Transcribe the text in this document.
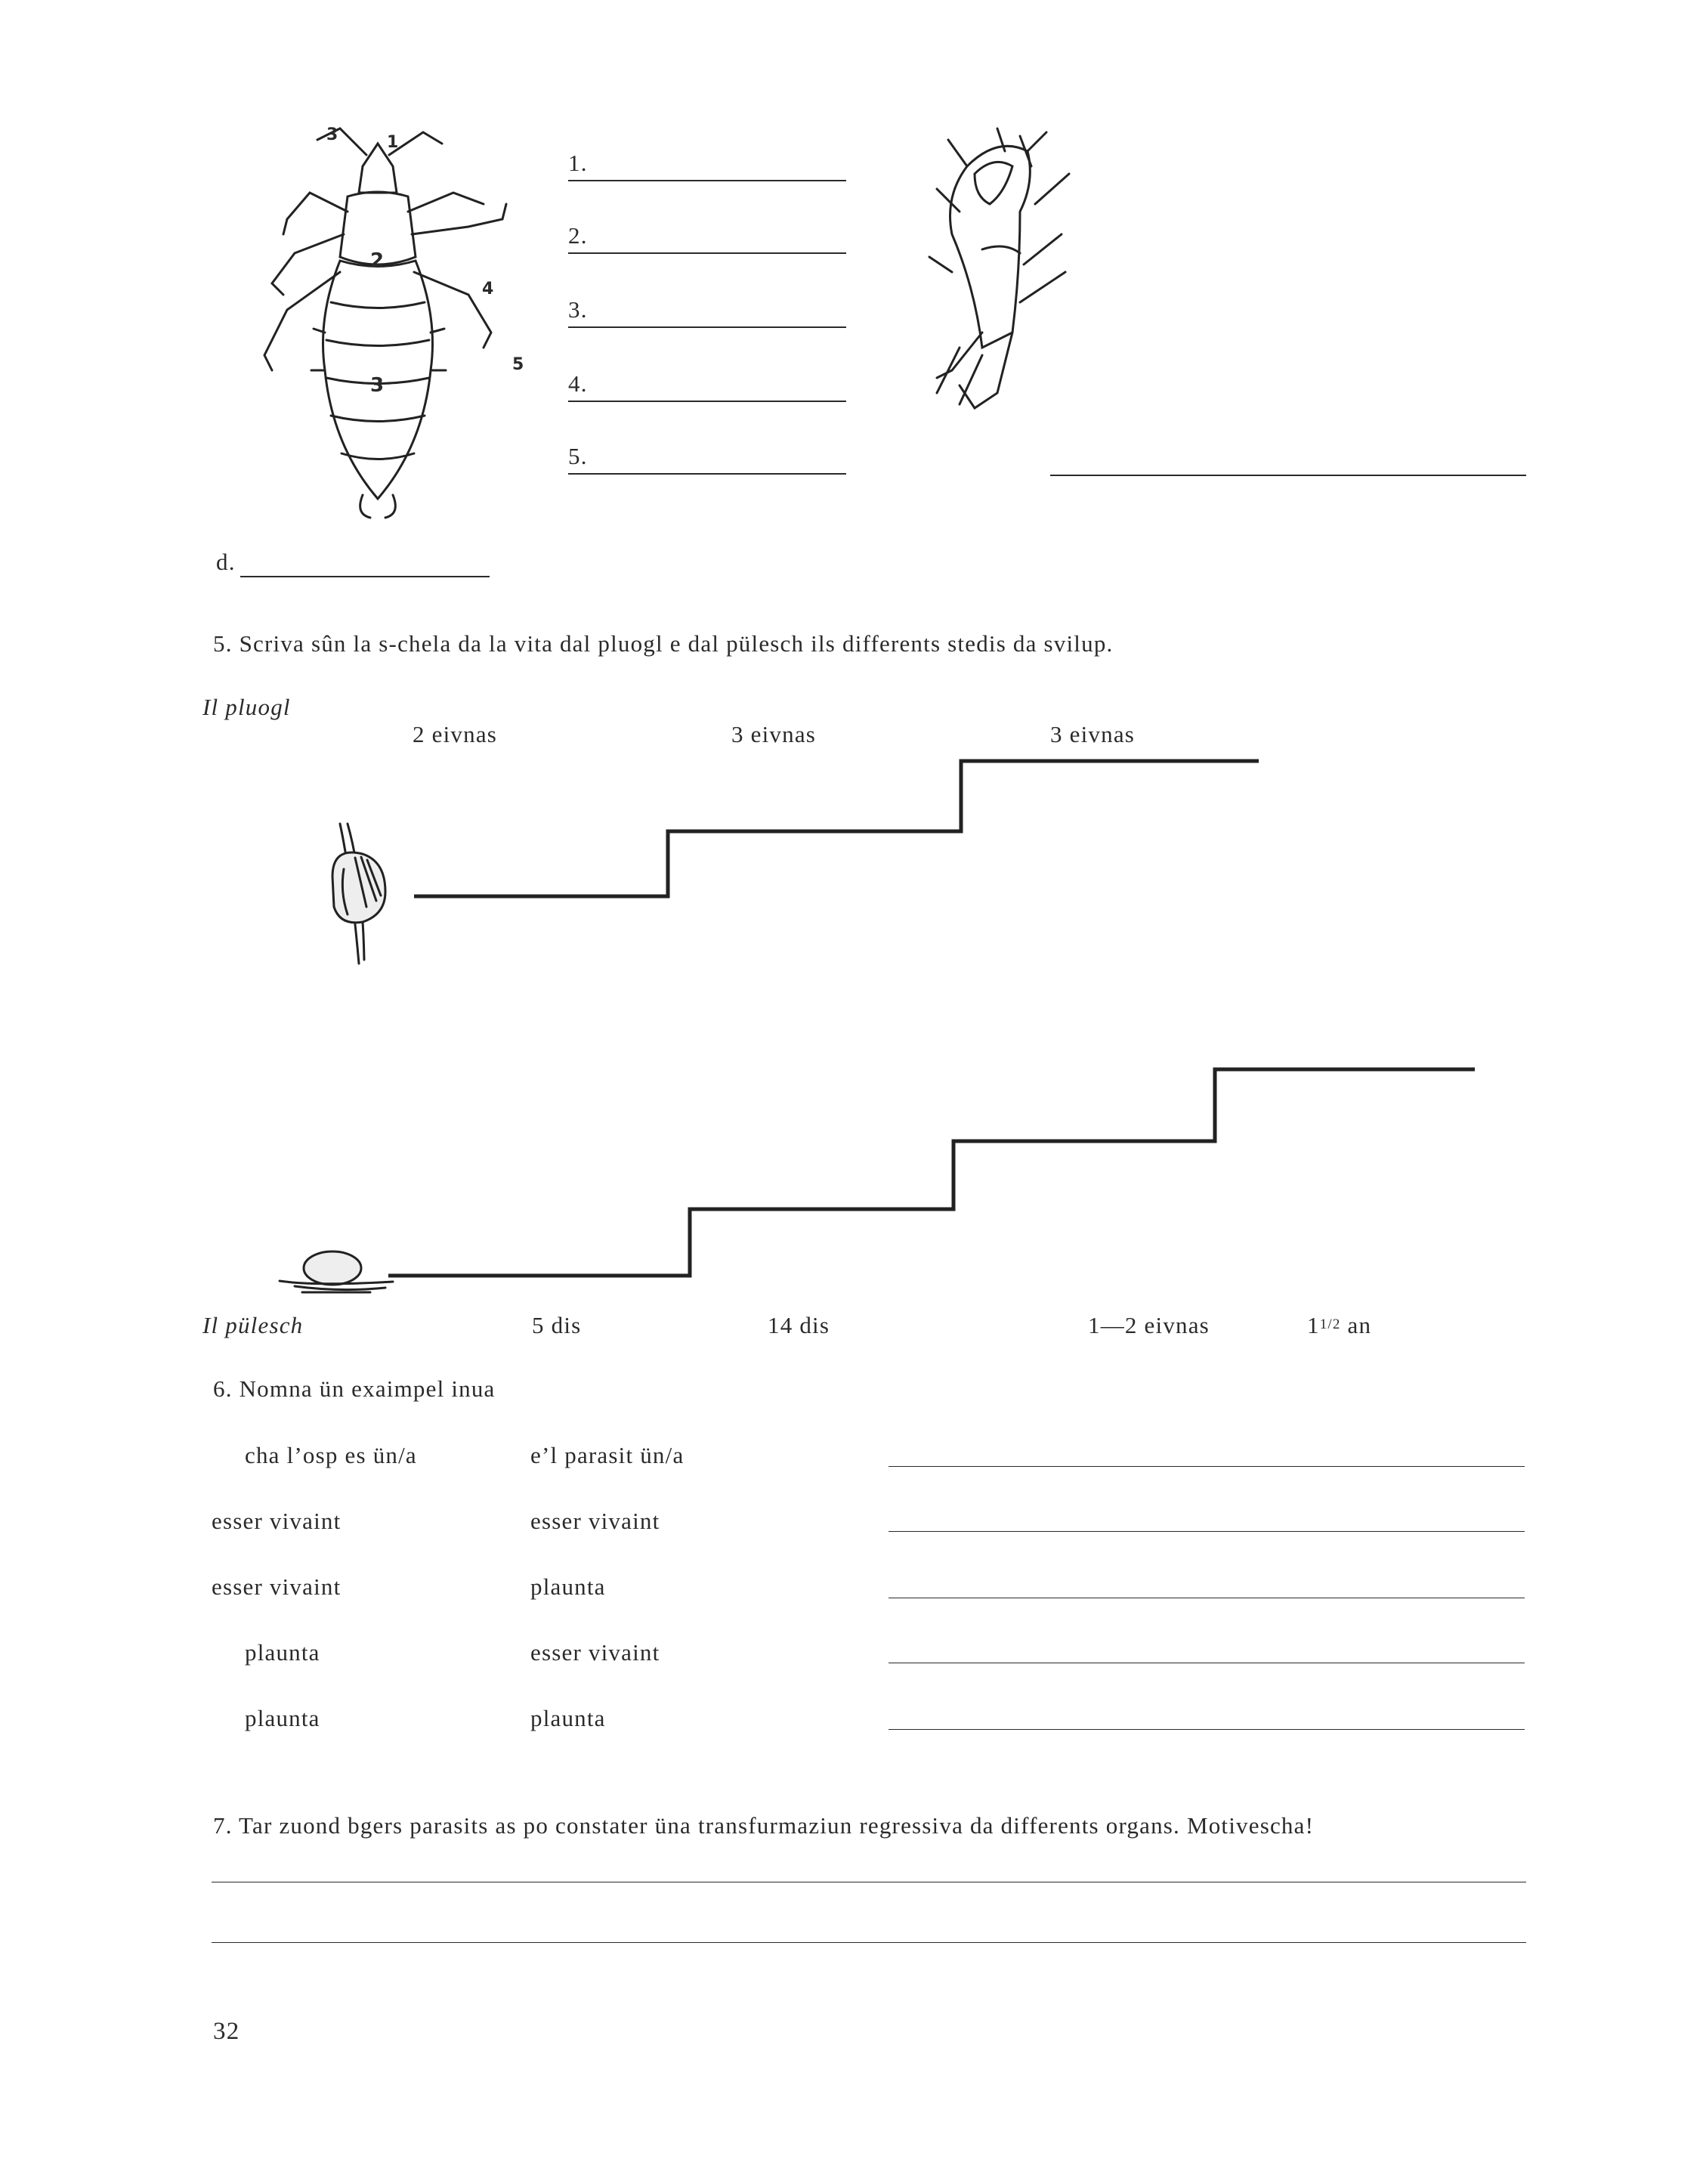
3	1
2
3
4
5
1.
2.
3.
4.
5.
d.
5. Scriva sûn la s-chela da la vita dal pluogl e dal pülesch ils differents stedis da svilup.
Il pluogl
2 eivnas	3 eivnas	3 eivnas
Il pülesch	5 dis	14 dis	1—2 eivnas	11/2 an
6. Nomna ün exaimpel inua
cha l’osp es ün/a	e’l parasit ün/a
esser vivaint	esser vivaint
esser vivaint	plaunta
plaunta	esser vivaint
plaunta	plaunta
7. Tar zuond bgers parasits as po constater üna transfurmaziun regressiva da differents organs. Motivescha!
32
